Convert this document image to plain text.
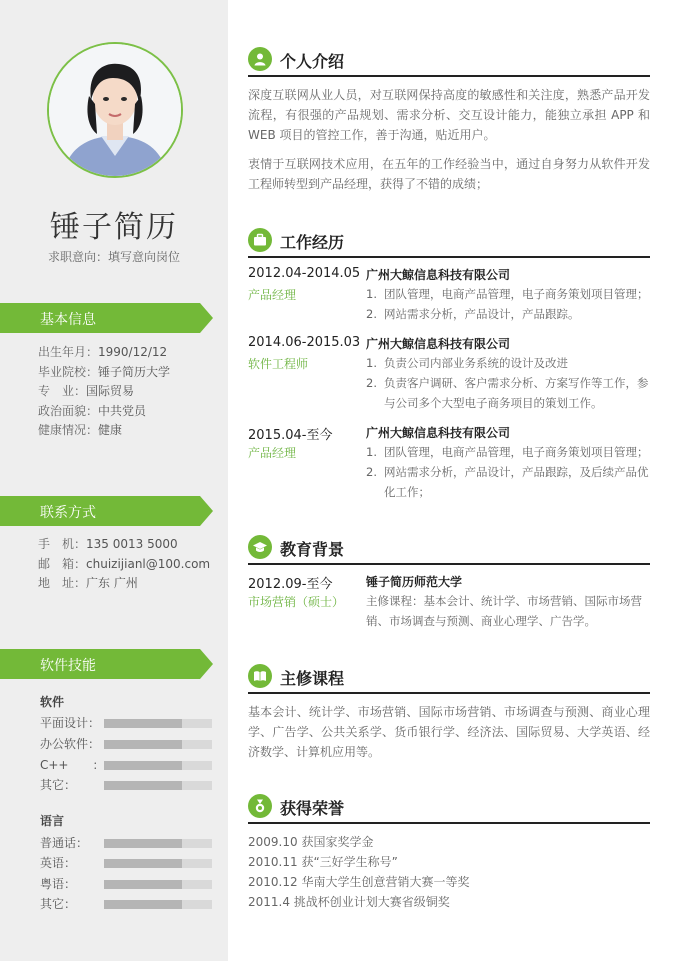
锤子简历
求职意向：填写意向岗位
基本信息
出生年月： 1990/12/12
毕业院校： 锤子简历大学
专　业： 国际贸易
政治面貌： 中共党员
健康情况： 健康
联系方式
手　机： 135 0013 5000
邮　箱： chuizijianl@100.com
地　址： 广东 广州
软件技能
软件
平面设计：
办公软件：
C++　　：
其它：
语言
普通话：
英语：
粤语：
其它：
个人介绍
深度互联网从业人员，对互联网保持高度的敏感性和关注度，熟悉产品开发流程，有很强的产品规划、需求分析、交互设计能力，能独立承担 APP 和 WEB 项目的管控工作，善于沟通，贴近用户。
衷情于互联网技术应用，在五年的工作经验当中，通过自身努力从软件开发工程师转型到产品经理，获得了不错的成绩；
工作经历
2012.04-2014.05
产品经理
广州大鲸信息科技有限公司
1. 团队管理，电商产品管理，电子商务策划项目管理；
2. 网站需求分析，产品设计，产品跟踪。
2014.06-2015.03
软件工程师
广州大鲸信息科技有限公司
1. 负责公司内部业务系统的设计及改进
2. 负责客户调研、客户需求分析、方案写作等工作，参与公司多个大型电子商务项目的策划工作。
2015.04-至今
产品经理
广州大鲸信息科技有限公司
1. 团队管理，电商产品管理，电子商务策划项目管理；
2. 网站需求分析，产品设计，产品跟踪，及后续产品优化工作；
教育背景
2012.09-至今
市场营销（硕士）
锤子简历师范大学
主修课程：基本会计、统计学、市场营销、国际市场营销、市场调查与预测、商业心理学、广告学。
主修课程
基本会计、统计学、市场营销、国际市场营销、市场调查与预测、商业心理学、广告学、公共关系学、货币银行学、经济法、国际贸易、大学英语、经济数学、计算机应用等。
获得荣誉
2009.10 获国家奖学金
2010.11 获“三好学生称号”
2010.12 华南大学生创意营销大赛一等奖
2011.4 挑战杯创业计划大赛省级铜奖
